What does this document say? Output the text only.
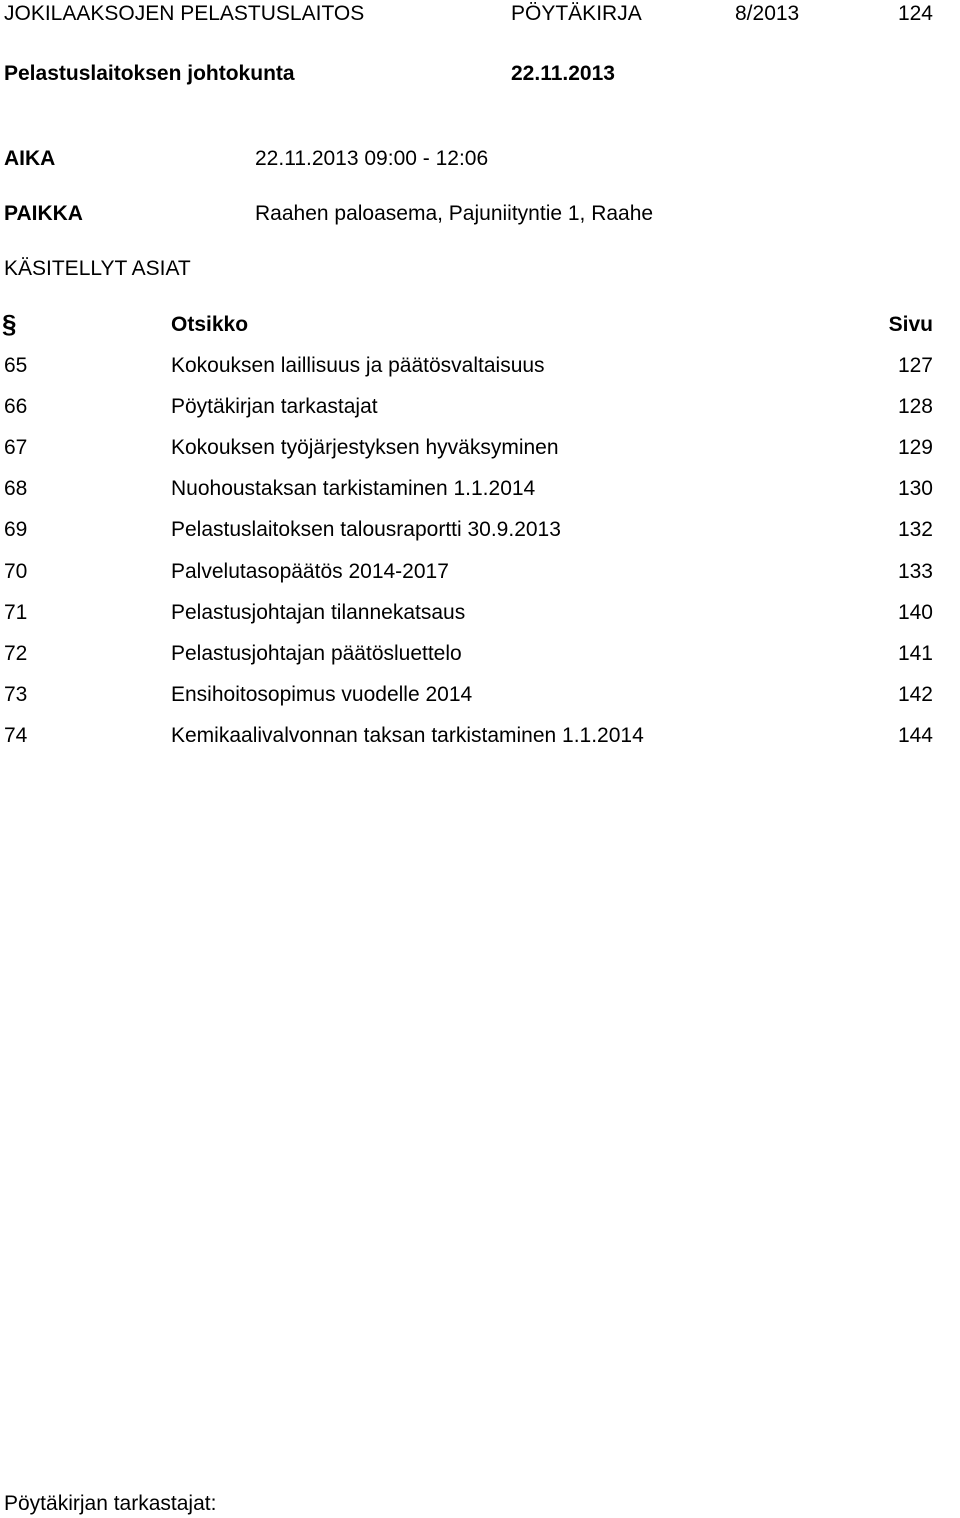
JOKILAAKSOJEN PELASTUSLAITOS	PÖYTÄKIRJA	8/2013	124
Pelastuslaitoksen johtokunta	22.11.2013
AIKA	22.11.2013 09:00 - 12:06
PAIKKA	Raahen paloasema, Pajuniityntie 1, Raahe
KÄSITELLYT ASIAT
§	Otsikko	Sivu
65	Kokouksen laillisuus ja päätösvaltaisuus	127
66	Pöytäkirjan tarkastajat	128
67	Kokouksen työjärjestyksen hyväksyminen	129
68	Nuohoustaksan tarkistaminen 1.1.2014	130
69	Pelastuslaitoksen talousraportti 30.9.2013	132
70	Palvelutasopäätös 2014-2017	133
71	Pelastusjohtajan tilannekatsaus	140
72	Pelastusjohtajan päätösluettelo	141
73	Ensihoitosopimus vuodelle 2014	142
74	Kemikaalivalvonnan taksan tarkistaminen 1.1.2014	144
Pöytäkirjan tarkastajat:
